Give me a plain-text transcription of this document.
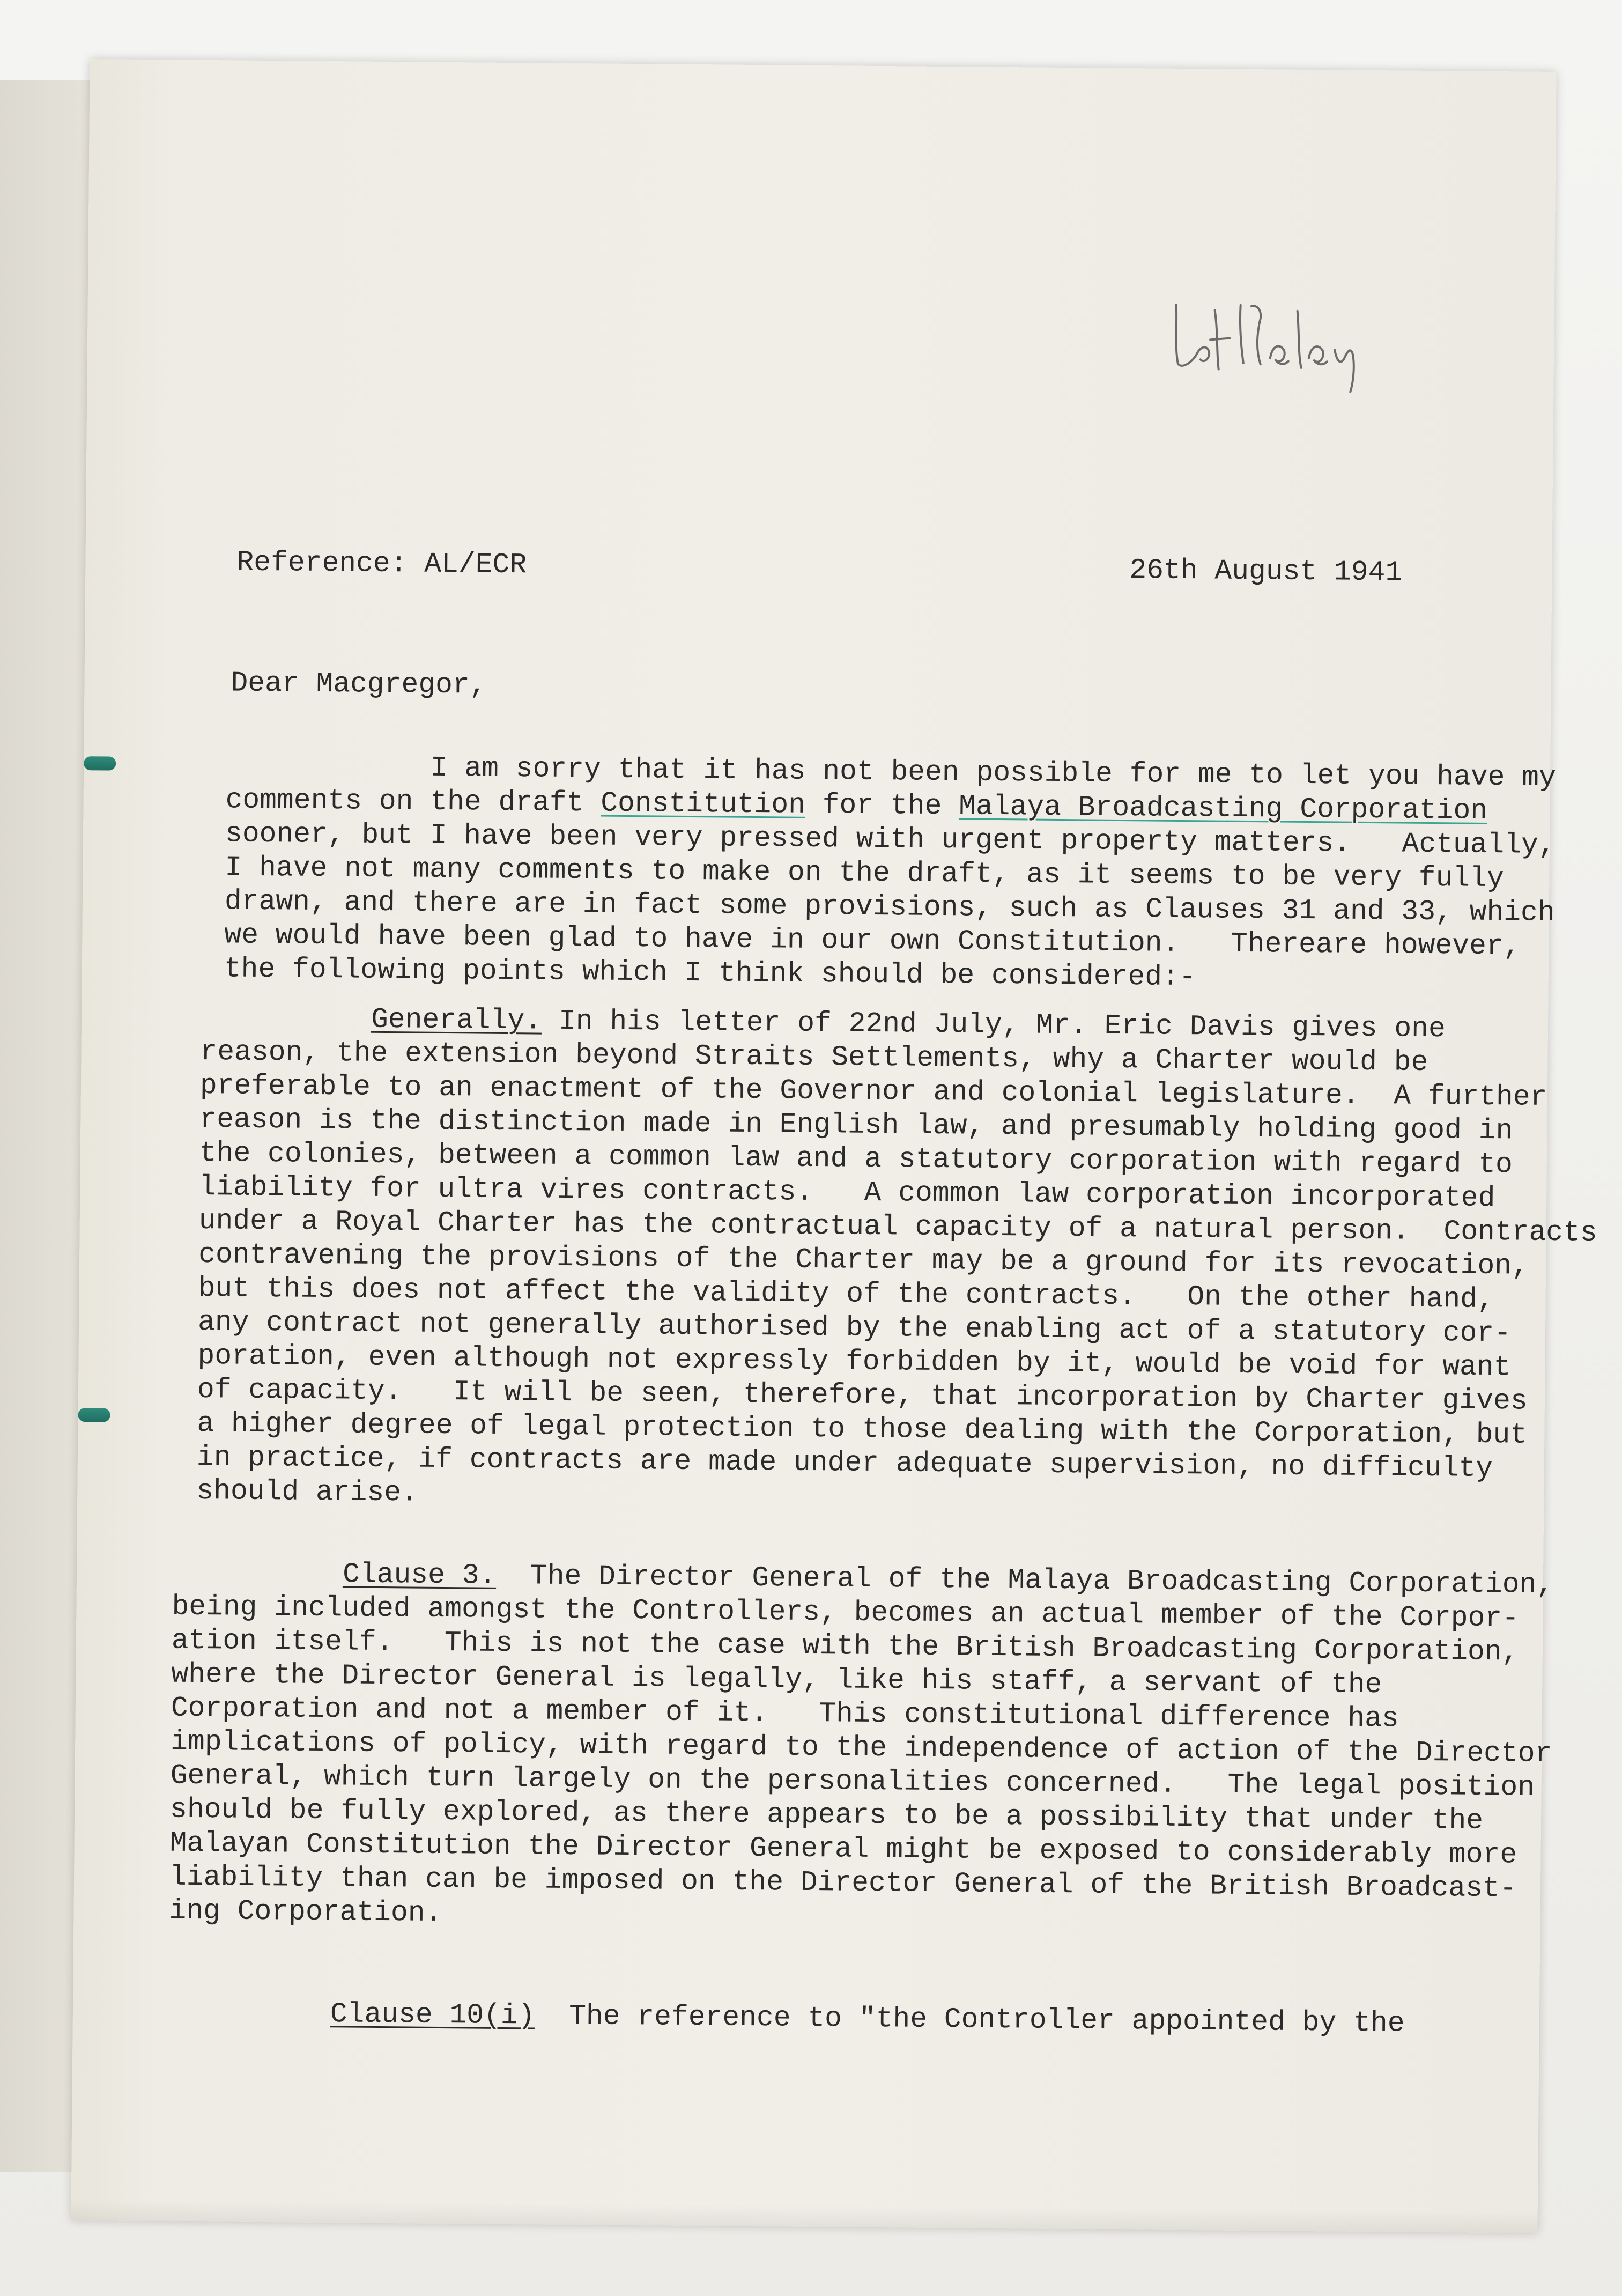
Reference: AL/ECR	26th August 1941
Dear Macgregor,
I am sorry that it has not been possible for me to let you have my
comments on the draft Constitution for the Malaya Broadcasting Corporation
sooner, but I have been very pressed with urgent property matters.   Actually,
I have not many comments to make on the draft, as it seems to be very fully
drawn, and there are in fact some provisions, such as Clauses 31 and 33, which
we would have been glad to have in our own Constitution.   Thereare however,
the following points which I think should be considered:-
Generally. In his letter of 22nd July, Mr. Eric Davis gives one
reason, the extension beyond Straits Settlements, why a Charter would be
preferable to an enactment of the Governor and colonial legislature.  A further
reason is the distinction made in English law, and presumably holding good in
the colonies, between a common law and a statutory corporation with regard to
liability for ultra vires contracts.   A common law corporation incorporated
under a Royal Charter has the contractual capacity of a natural person.  Contracts
contravening the provisions of the Charter may be a ground for its revocation,
but this does not affect the validity of the contracts.   On the other hand,
any contract not generally authorised by the enabling act of a statutory cor-
poration, even although not expressly forbidden by it, would be void for want
of capacity.   It will be seen, therefore, that incorporation by Charter gives
a higher degree of legal protection to those dealing with the Corporation, but
in practice, if contracts are made under adequate supervision, no difficulty
should arise.
Clause 3.  The Director General of the Malaya Broadcasting Corporation,
being included amongst the Controllers, becomes an actual member of the Corpor-
ation itself.   This is not the case with the British Broadcasting Corporation,
where the Director General is legally, like his staff, a servant of the
Corporation and not a member of it.   This constitutional difference has
implications of policy, with regard to the independence of action of the Director
General, which turn largely on the personalities concerned.   The legal position
should be fully explored, as there appears to be a possibility that under the
Malayan Constitution the Director General might be exposed to considerably more
liability than can be imposed on the Director General of the British Broadcast-
ing Corporation.
Clause 10(i)  The reference to "the Controller appointed by the
